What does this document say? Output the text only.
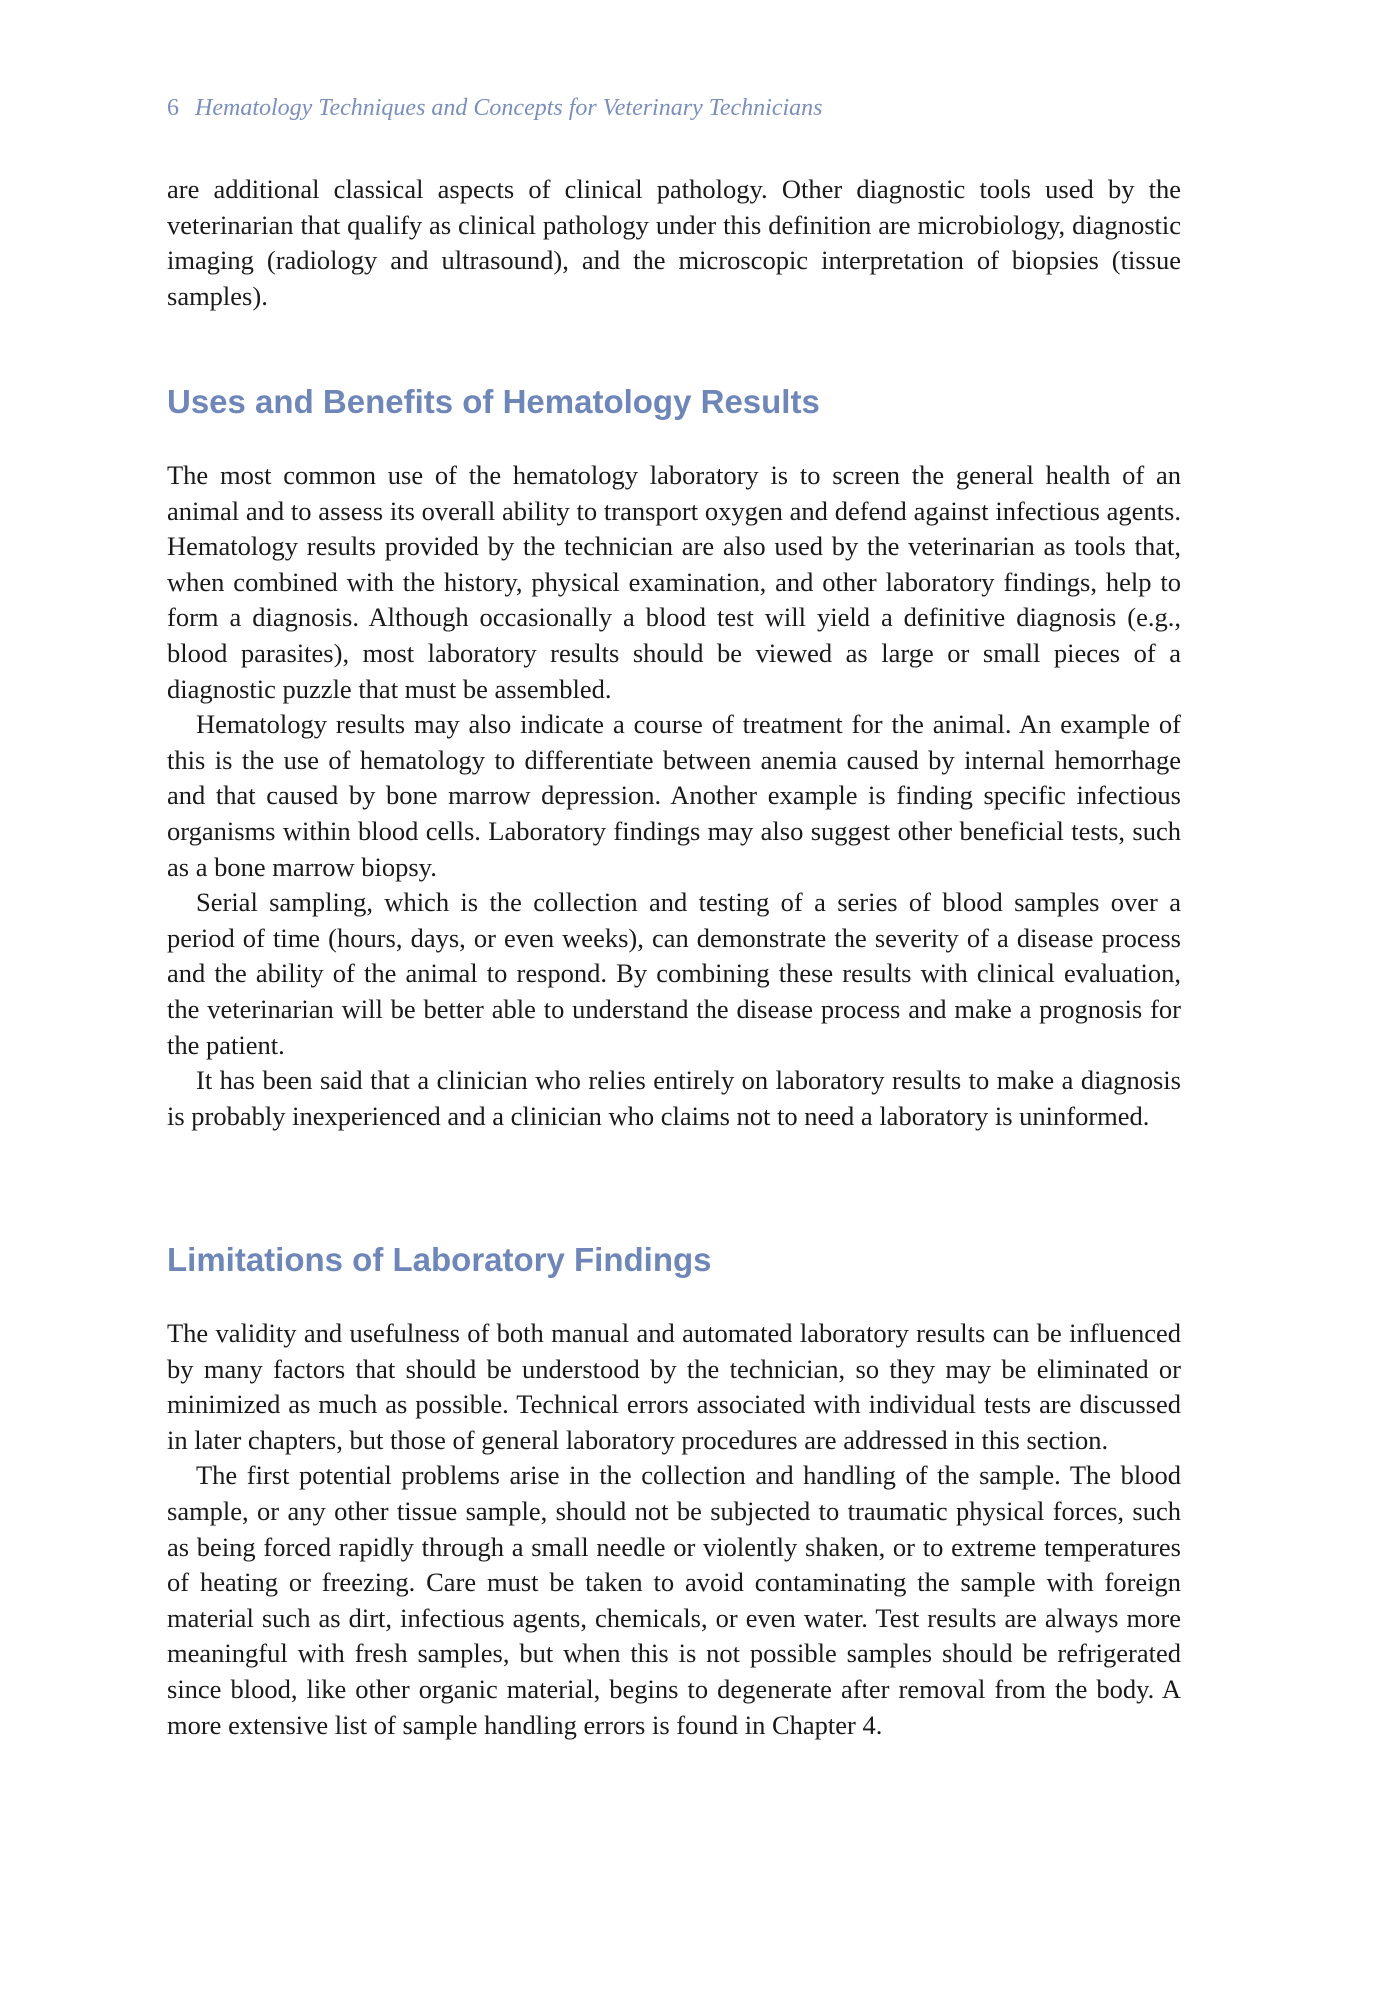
6 Hematology Techniques and Concepts for Veterinary Technicians

are additional classical aspects of clinical pathology. Other diagnostic tools used by the veterinarian that qualify as clinical pathology under this definition are microbiology, diagnostic imaging (radiology and ultrasound), and the microscopic interpretation of biopsies (tissue samples).

Uses and Benefits of Hematology Results

The most common use of the hematology laboratory is to screen the general health of an animal and to assess its overall ability to transport oxygen and defend against infectious agents. Hematology results provided by the technician are also used by the veterinarian as tools that, when combined with the history, physical examination, and other laboratory findings, help to form a diagnosis. Although occasionally a blood test will yield a definitive diagnosis (e.g., blood parasites), most laboratory results should be viewed as large or small pieces of a diagnostic puzzle that must be assembled.

Hematology results may also indicate a course of treatment for the animal. An example of this is the use of hematology to differentiate between anemia caused by internal hemorrhage and that caused by bone marrow depression. Another example is finding specific infectious organisms within blood cells. Laboratory findings may also suggest other beneficial tests, such as a bone marrow biopsy.

Serial sampling, which is the collection and testing of a series of blood samples over a period of time (hours, days, or even weeks), can demonstrate the severity of a disease process and the ability of the animal to respond. By combining these results with clinical evaluation, the veterinarian will be better able to understand the disease process and make a prognosis for the patient.

It has been said that a clinician who relies entirely on laboratory results to make a diagnosis is probably inexperienced and a clinician who claims not to need a laboratory is uninformed.

Limitations of Laboratory Findings

The validity and usefulness of both manual and automated laboratory results can be influenced by many factors that should be understood by the technician, so they may be eliminated or minimized as much as possible. Technical errors associated with individual tests are discussed in later chapters, but those of general laboratory procedures are addressed in this section.

The first potential problems arise in the collection and handling of the sample. The blood sample, or any other tissue sample, should not be subjected to traumatic physical forces, such as being forced rapidly through a small needle or violently shaken, or to extreme temperatures of heating or freezing. Care must be taken to avoid contaminating the sample with foreign material such as dirt, infectious agents, chemicals, or even water. Test results are always more meaningful with fresh samples, but when this is not possible samples should be refrigerated since blood, like other organic material, begins to degenerate after removal from the body. A more extensive list of sample handling errors is found in Chapter 4.
